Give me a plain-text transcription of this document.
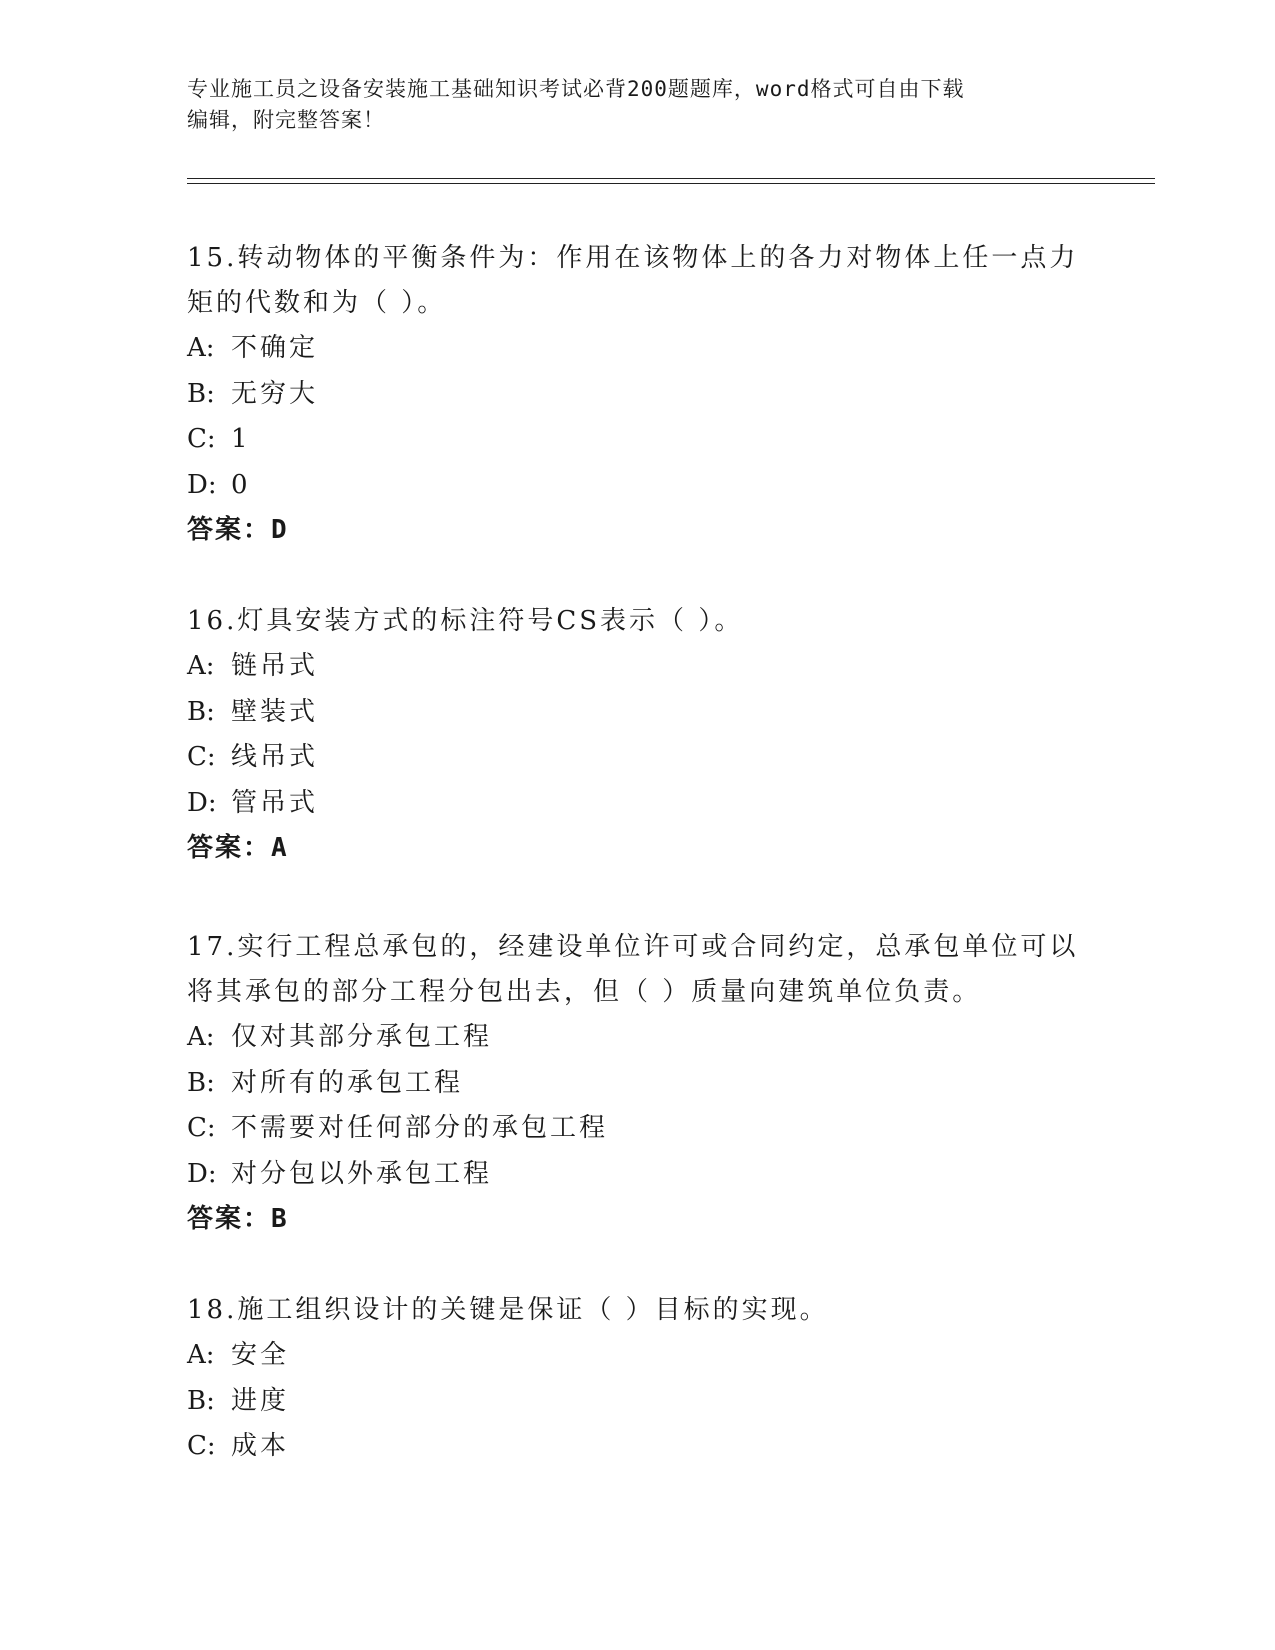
专业施工员之设备安装施工基础知识考试必背200题题库，word格式可自由下载
编辑，附完整答案！

15.转动物体的平衡条件为：作用在该物体上的各力对物体上任一点力
矩的代数和为（ ）。

A: 不确定

B: 无穷大

C: 1

D: 0

答案：D

16.灯具安装方式的标注符号CS表示（ ）。

A: 链吊式

B: 壁装式

C: 线吊式

D: 管吊式

答案：A

17.实行工程总承包的，经建设单位许可或合同约定，总承包单位可以
将其承包的部分工程分包出去，但（ ）质量向建筑单位负责。

A: 仅对其部分承包工程

B: 对所有的承包工程

C: 不需要对任何部分的承包工程

D: 对分包以外承包工程

答案：B

18.施工组织设计的关键是保证（ ）目标的实现。

A: 安全

B: 进度

C: 成本
